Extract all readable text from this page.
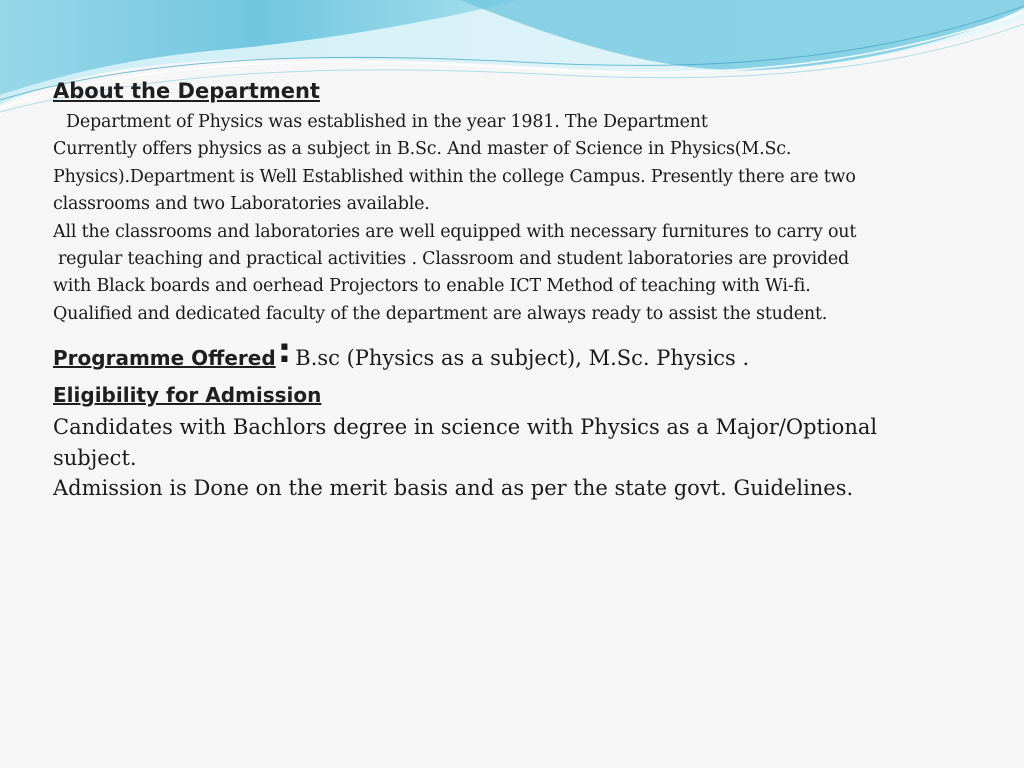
About the Department
Department of Physics was established in the year 1981. The Department
Currently offers physics as a subject in B.Sc. And master of Science in Physics(M.Sc.
Physics).Department is Well Established within the college Campus. Presently there are two
classrooms and two Laboratories available.
All the classrooms and laboratories are well equipped with necessary furnitures to carry out
regular teaching and practical activities . Classroom and student laboratories are provided
with Black boards and oerhead Projectors to enable ICT Method of teaching with Wi-fi.
Qualified and dedicated faculty of the department are always ready to assist the student.
Programme Offered : B.sc (Physics as a subject), M.Sc. Physics .
Eligibility for Admission
Candidates with Bachlors degree in science with Physics as a Major/Optional
subject.
Admission is Done on the merit basis and as per the state govt. Guidelines.
